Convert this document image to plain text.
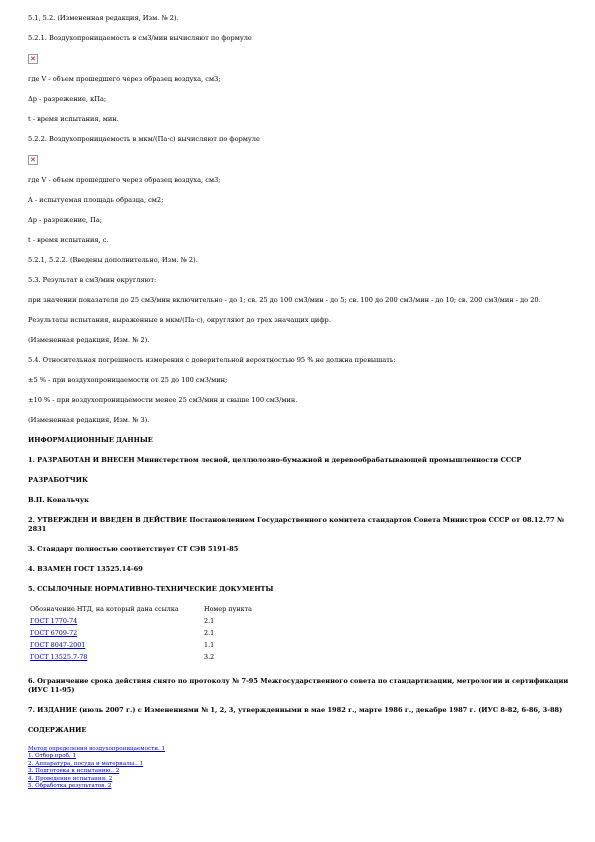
5.1, 5.2. (Измененная редакция, Изм. № 2).

5.2.1. Воздухопроницаемость в см3/мин вычисляют по формуле

✕

где V - объем прошедшего через образец воздуха, см3;

Δp - разрежение, кПа;

t - время испытания, мин.

5.2.2. Воздухопроницаемость в мкм/(Па·с) вычисляют по формуле

✕

где V - объем прошедшего через образец воздуха, см3;

A - испытуемая площадь образца, см2;

Δp - разрежение, Па;

t - время испытания, с.

5.2.1, 5.2.2. (Введены дополнительно, Изм. № 2).

5.3. Результат в см3/мин округляют:

при значении показателя до 25 см3/мин включительно - до 1; св. 25 до 100 см3/мин - до 5; св. 100 до 200 см3/мин - до 10; св. 200 см3/мин - до 20.

Результаты испытания, выраженные в мкм/(Па·с), округляют до трех значащих цифр.

(Измененная редакция, Изм. № 2).

5.4. Относительная погрешность измерения с доверительной вероятностью 95 % не должна превышать:

±5 % - при воздухопроницаемости от 25 до 100 см3/мин;

±10 % - при воздухопроницаемости менее 25 см3/мин и свыше 100 см3/мин.

(Измененная редакция, Изм. № 3).

ИНФОРМАЦИОННЫЕ ДАННЫЕ

1. РАЗРАБОТАН И ВНЕСЕН Министерством лесной, целлюлозно-бумажной и деревообрабатывающей промышленности СССР

РАЗРАБОТЧИК

В.П. Ковальчук

2. УТВЕРЖДЕН И ВВЕДЕН В ДЕЙСТВИЕ Постановлением Государственного комитета стандартов Совета Министров СССР от 08.12.77 № 2831

3. Стандарт полностью соответствует СТ СЭВ 5191-85

4. ВЗАМЕН ГОСТ 13525.14-69

5. ССЫЛОЧНЫЕ НОРМАТИВНО-ТЕХНИЧЕСКИЕ ДОКУМЕНТЫ

Обозначение НТД, на который дана ссылка	Номер пункта
ГОСТ 1770-74	2.1
ГОСТ 6709-72	2.1
ГОСТ 8047-2001	1.1
ГОСТ 13525.7-78	3.2

6. Ограничение срока действия снято по протоколу № 7-95 Межгосударственного совета по стандартизации, метрологии и сертификации (ИУС 11-95)

7. ИЗДАНИЕ (июль 2007 г.) с Изменениями № 1, 2, 3, утвержденными в мае 1982 г., марте 1986 г., декабре 1987 г. (ИУС 8-82, 6-86, 3-88)

СОДЕРЖАНИЕ

Метод определения воздухопроницаемости. 1
1. Отбор проб. 1
2. Аппаратура, посуда и материалы.. 1
3. Подготовка к испытанию.. 2
4. Проведение испытания. 2
5. Обработка результатов. 2
